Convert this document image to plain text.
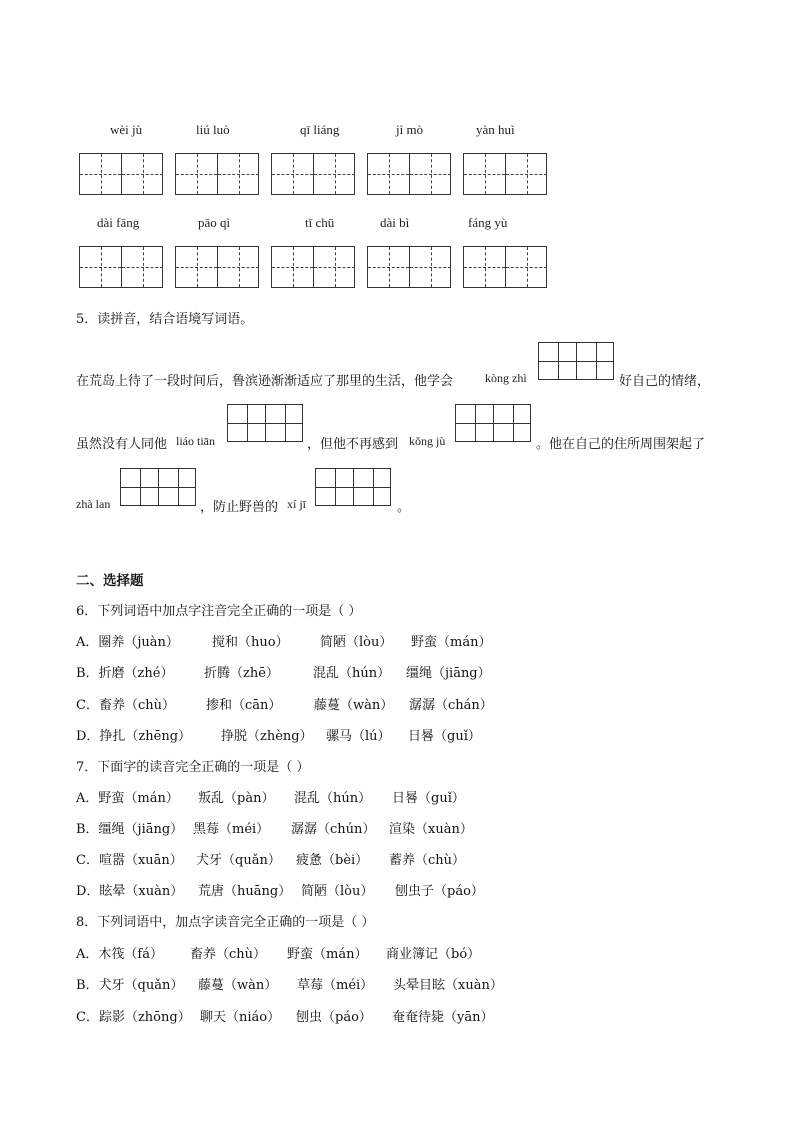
wèi jù	liú luò	qī liáng	jì mò	yàn huì
dài fāng	pāo qì	tī chū	dài bì	fáng yù
5．读拼音，结合语境写词语。
在荒岛上待了一段时间后，鲁滨逊渐渐适应了那里的生活，他学会	kòng zhì	好自己的情绪，
虽然没有人同他 liáo tiān	，但他不再感到 kǒng jù	。他在自己的住所周围架起了
zhà lan	，防止野兽的 xí jī	。
二、选择题
6．下列词语中加点字注音完全正确的一项是（ ）
A．圈养（juàn）	搅和（huo） 简陋（lòu） 野蛮（mán）
B．折磨（zhé） 折腾（zhē）	混乱（hún） 缰绳（jiāng）
C．畜养（chù） 掺和（cān）	藤蔓（wàn） 潺潺（chán）
D．挣扎（zhēng） 挣脱（zhèng） 骡马（lú） 日晷（guǐ）
7．下面字的读音完全正确的一项是（ ）
A．野蛮（mán） 叛乱（pàn） 混乱（hún） 日晷（guǐ）
B．缰绳（jiāng） 黑莓（méi） 潺潺（chún） 渲染（xuàn）
C．喧嚣（xuān） 犬牙（quǎn） 疲惫（bèi） 蓄养（chù）
D．眩晕（xuàn） 荒唐（huāng） 简陋（lòu） 刨虫子（páo）
8．下列词语中，加点字读音完全正确的一项是（ ）
A．木筏（fá） 畜养（chù） 野蛮（mán） 商业簿记（bó）
B．犬牙（quǎn） 藤蔓（wàn） 草莓（méi） 头晕目眩（xuàn）
C．踪影（zhōng） 聊天（niáo） 刨虫（páo） 奄奄待毙（yān）
